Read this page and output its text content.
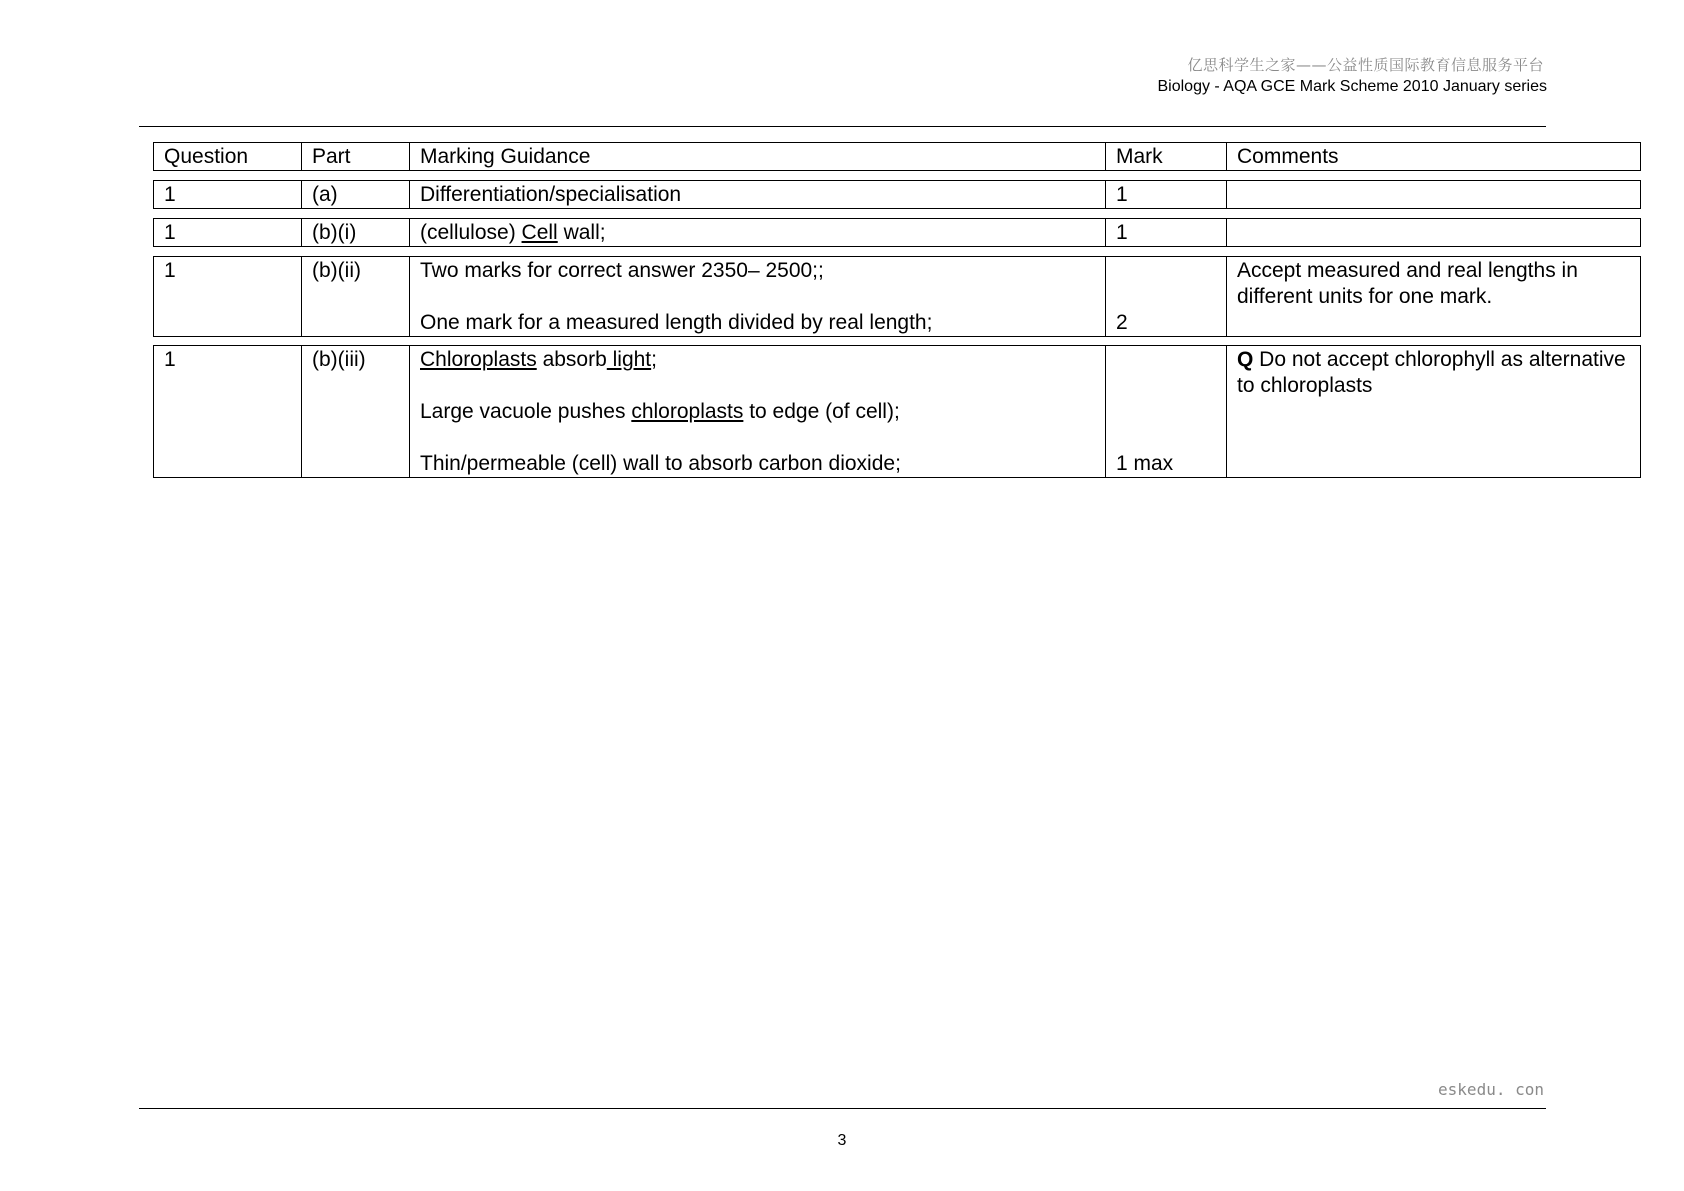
亿思科学生之家——公益性质国际教育信息服务平台
Biology - AQA GCE Mark Scheme 2010 January series
Question	Part	Marking Guidance	Mark	Comments
1	(a)	Differentiation/specialisation	1	
1	(b)(i)	(cellulose) Cell wall;	1	
1	(b)(ii)	Two marks for correct answer 2350– 2500;;
One mark for a measured length divided by real length;	2	Accept measured and real lengths in different units for one mark.
1	(b)(iii)	Chloroplasts absorb light;
Large vacuole pushes chloroplasts to edge (of cell);
Thin/permeable (cell) wall to absorb carbon dioxide;	1 max	Q Do not accept chlorophyll as alternative to chloroplasts
eskedu. con
3
